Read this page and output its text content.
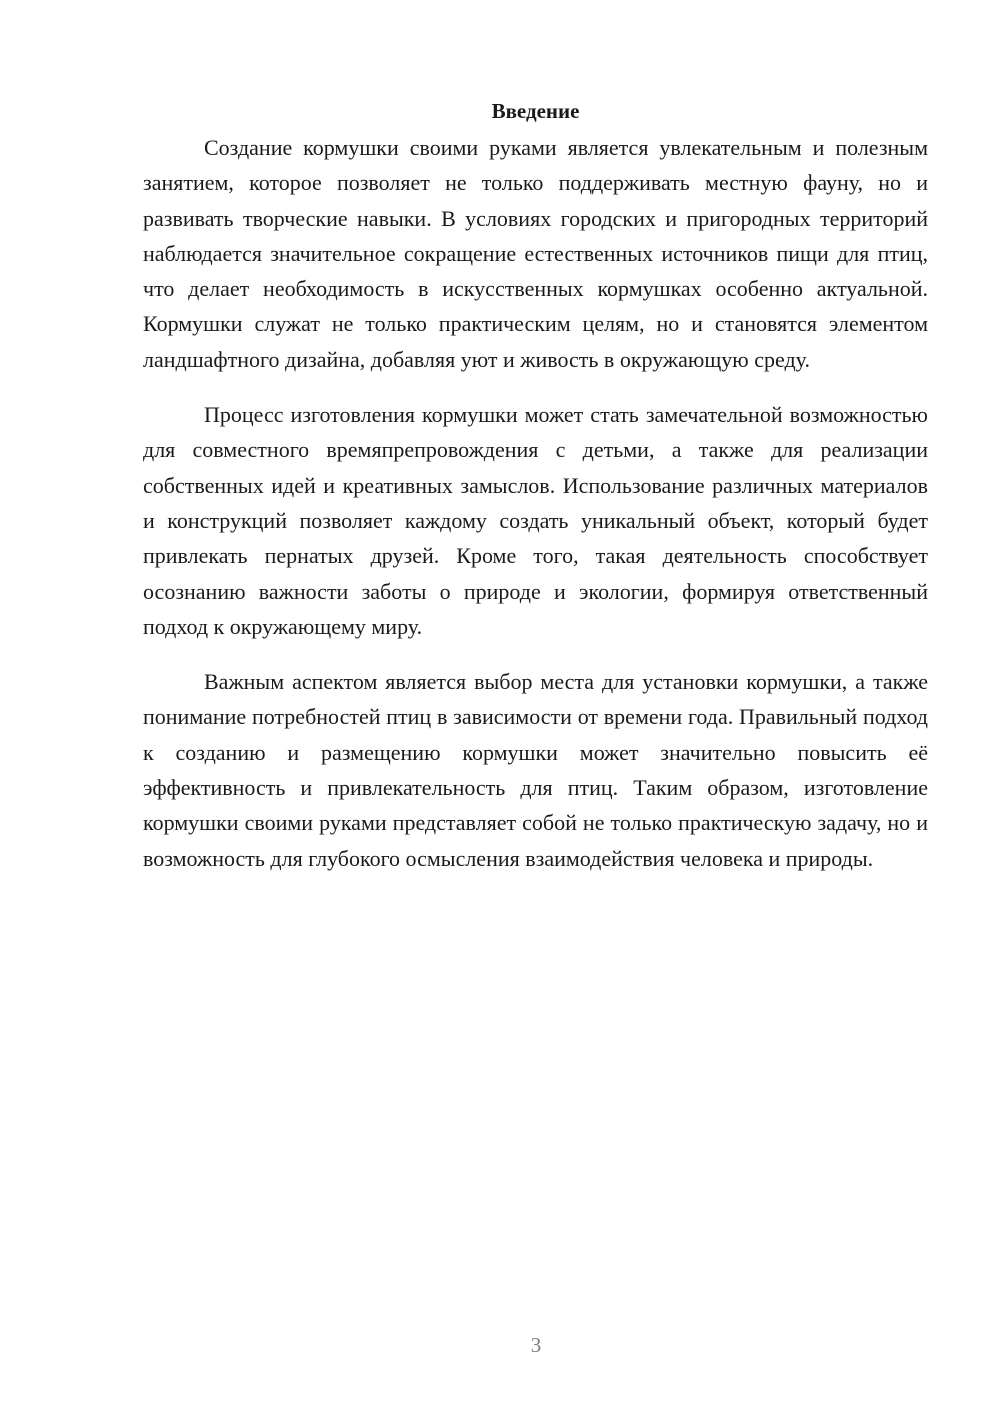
Введение

Создание кормушки своими руками является увлекательным и полезным занятием, которое позволяет не только поддерживать местную фауну, но и развивать творческие навыки. В условиях городских и пригородных территорий наблюдается значительное сокращение естественных источников пищи для птиц, что делает необходимость в искусственных кормушках особенно актуальной. Кормушки служат не только практическим целям, но и становятся элементом ландшафтного дизайна, добавляя уют и живость в окружающую среду.

Процесс изготовления кормушки может стать замечательной возможностью для совместного времяпрепровождения с детьми, а также для реализации собственных идей и креативных замыслов. Использование различных материалов и конструкций позволяет каждому создать уникальный объект, который будет привлекать пернатых друзей. Кроме того, такая деятельность способствует осознанию важности заботы о природе и экологии, формируя ответственный подход к окружающему миру.

Важным аспектом является выбор места для установки кормушки, а также понимание потребностей птиц в зависимости от времени года. Правильный подход к созданию и размещению кормушки может значительно повысить её эффективность и привлекательность для птиц. Таким образом, изготовление кормушки своими руками представляет собой не только практическую задачу, но и возможность для глубокого осмысления взаимодействия человека и природы.

3
